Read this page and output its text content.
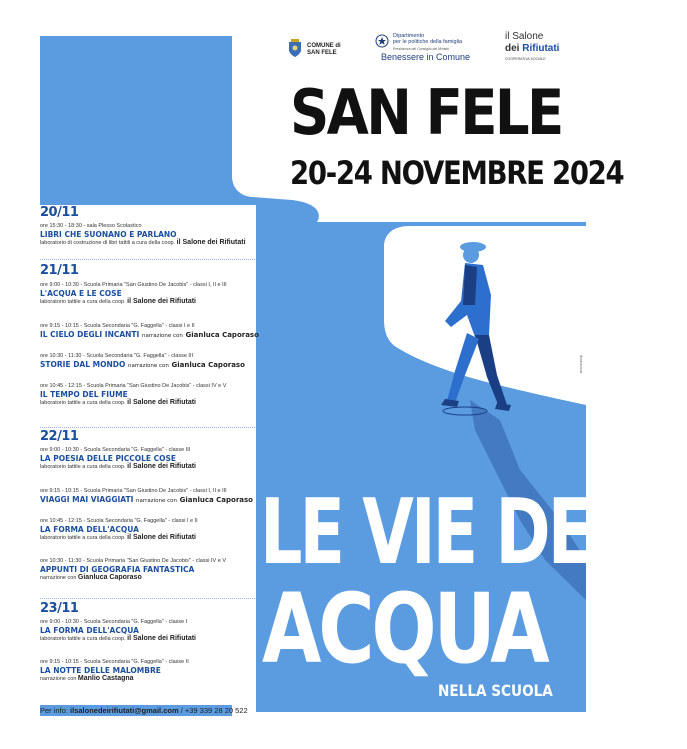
COMUNE di
SAN FELE
Dipartimento
per le politiche della famiglia
Presidenza del Consiglio dei Ministri
Benessere in Comune
il Salone
dei Rifiutati
COOPERATIVA SOCIALE
SAN FELE
20-24 NOVEMBRE 2024
20/11
ore 15:30 - 18:30 - sala Plesso Scolastico
LIBRI CHE SUONANO E PARLANO
laboratorio di costruzione di libri tattili a cura della coop. il Salone dei Rifiutati
21/11
ore 9:00 - 10:30 - Scuola Primaria "San Giustino De Jacobis" - classi I, II e III
L'ACQUA E LE COSE
laboratorio tattile a cura della coop. il Salone dei Rifiutati
ore 9:15 - 10:15 - Scuola Secondaria "G. Faggella" - classi I e II
IL CIELO DEGLI INCANTI narrazione con Gianluca Caporaso
ore 10:30 - 11:30 - Scuola Secondaria "G. Faggella" - classe III
STORIE DAL MONDO narrazione con Gianluca Caporaso
ore 10:45 - 12:15 - Scuola Primaria "San Giustino De Jacobis" - classi IV e V
IL TEMPO DEL FIUME
laboratorio tattile a cura della coop. il Salone dei Rifiutati
22/11
ore 9:00 - 10:30 - Scuola Secondaria "G. Faggella" - classe III
LA POESIA DELLE PICCOLE COSE
laboratorio tattile a cura della coop. il Salone dei Rifiutati
ore 9:15 - 10:15 - Scuola Primaria "San Giustino De Jacobis" - classi I, II e III
VIAGGI MAI VIAGGIATI narrazione con Gianluca Caporaso
ore 10:45 - 12:15 - Scuola Secondaria "G. Faggella" - classi I e II
LA FORMA DELL'ACQUA
laboratorio tattile a cura della coop. il Salone dei Rifiutati
ore 10:30 - 11:30 - Scuola Primaria "San Giustino De Jacobis" - classi IV e V
APPUNTI DI GEOGRAFIA FANTASTICA
narrazione con Gianluca Caporaso
23/11
ore 9:00 - 10:30 - Scuola Secondaria "G. Faggella" - classe I
LA FORMA DELL'ACQUA
laboratorio tattile a cura della coop. il Salone dei Rifiutati
ore 9:15 - 10:15 - Scuola Secondaria "G. Faggella" - classe II
LA NOTTE DELLE MALOMBRE
narrazione con Manlio Castagna
Per info: ilsalonedeirifiutati@gmail.com / +39 339 28 20 522
LE VIE DELL'
ACQUA
NELLA SCUOLA
illustrazione
